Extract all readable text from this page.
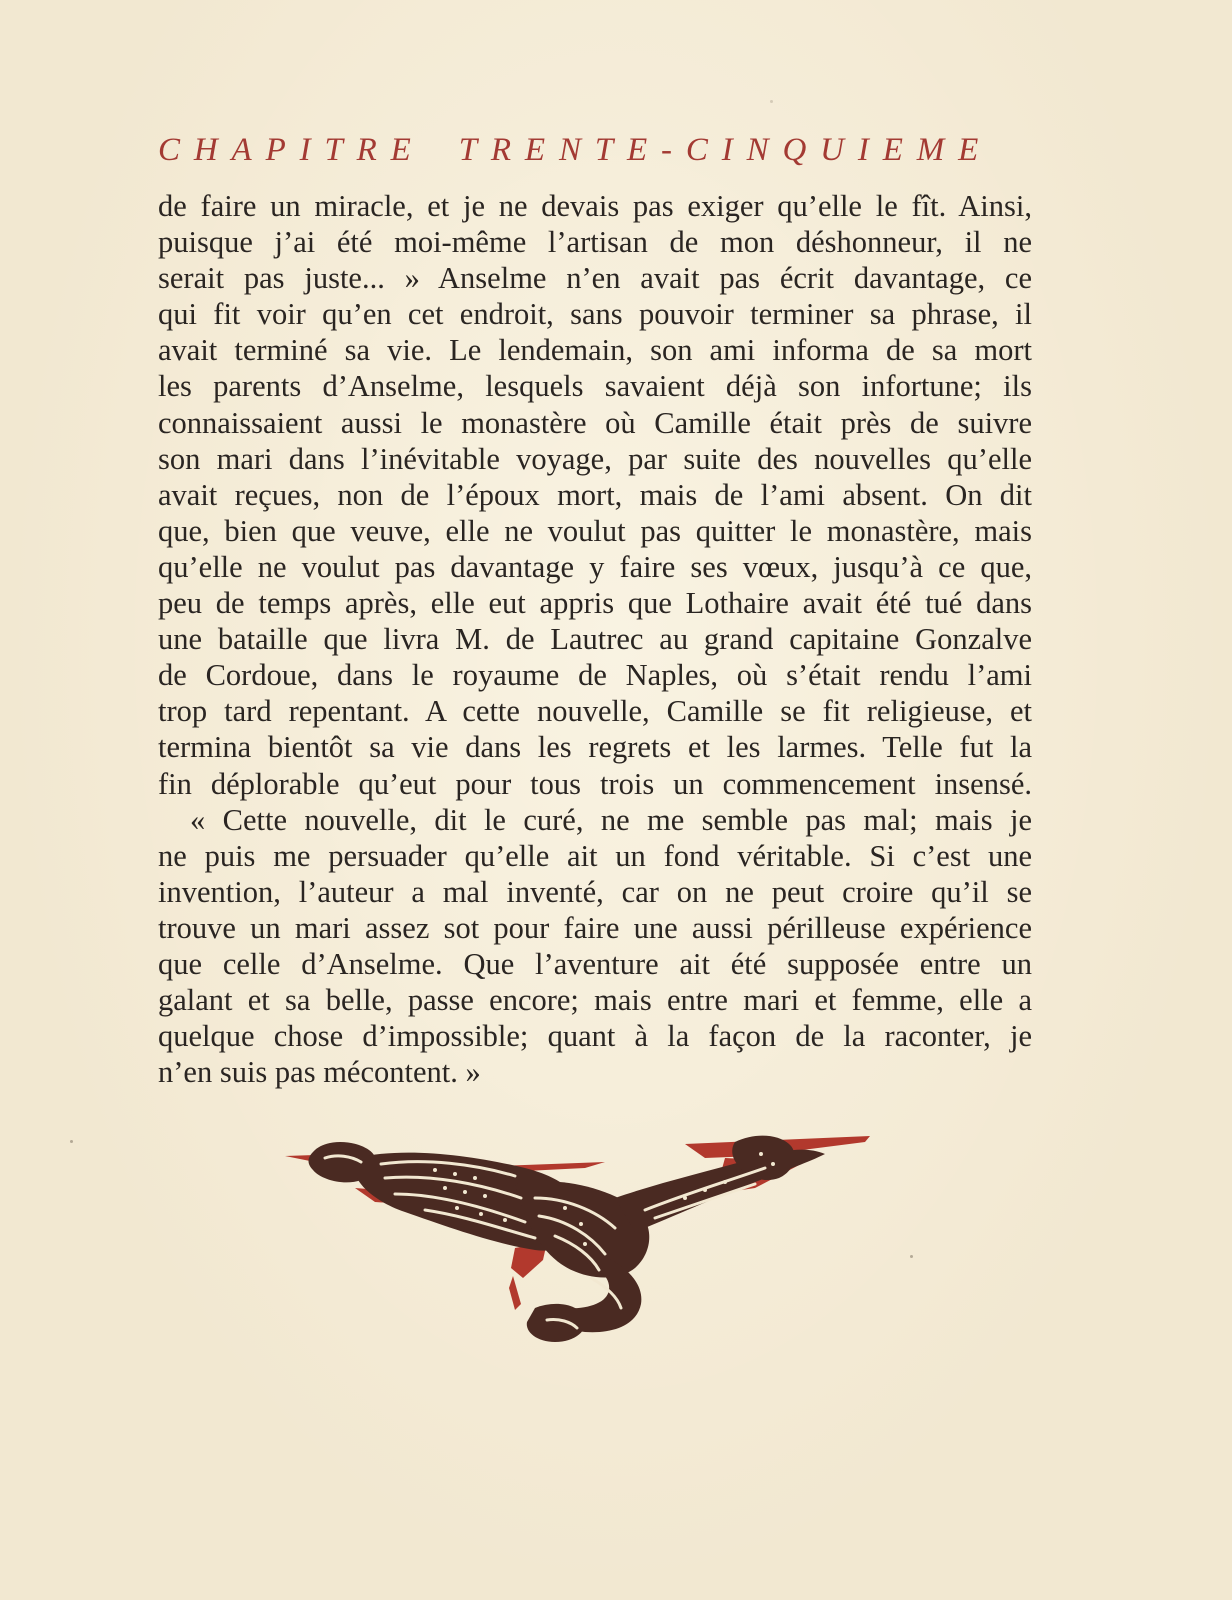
CHAPITRE TRENTE-CINQUIEME

de faire un miracle, et je ne devais pas exiger qu’elle le fît. Ainsi,
puisque j’ai été moi-même l’artisan de mon déshonneur, il ne
serait pas juste... » Anselme n’en avait pas écrit davantage, ce
qui fit voir qu’en cet endroit, sans pouvoir terminer sa phrase, il
avait terminé sa vie. Le lendemain, son ami informa de sa mort
les parents d’Anselme, lesquels savaient déjà son infortune; ils
connaissaient aussi le monastère où Camille était près de suivre
son mari dans l’inévitable voyage, par suite des nouvelles qu’elle
avait reçues, non de l’époux mort, mais de l’ami absent. On dit
que, bien que veuve, elle ne voulut pas quitter le monastère, mais
qu’elle ne voulut pas davantage y faire ses vœux, jusqu’à ce que,
peu de temps après, elle eut appris que Lothaire avait été tué dans
une bataille que livra M. de Lautrec au grand capitaine Gonzalve
de Cordoue, dans le royaume de Naples, où s’était rendu l’ami
trop tard repentant. A cette nouvelle, Camille se fit religieuse, et
termina bientôt sa vie dans les regrets et les larmes. Telle fut la
fin déplorable qu’eut pour tous trois un commencement insensé.

« Cette nouvelle, dit le curé, ne me semble pas mal; mais je
ne puis me persuader qu’elle ait un fond véritable. Si c’est une
invention, l’auteur a mal inventé, car on ne peut croire qu’il se
trouve un mari assez sot pour faire une aussi périlleuse expérience
que celle d’Anselme. Que l’aventure ait été supposée entre un
galant et sa belle, passe encore; mais entre mari et femme, elle a
quelque chose d’impossible; quant à la façon de la raconter, je
n’en suis pas mécontent. »
